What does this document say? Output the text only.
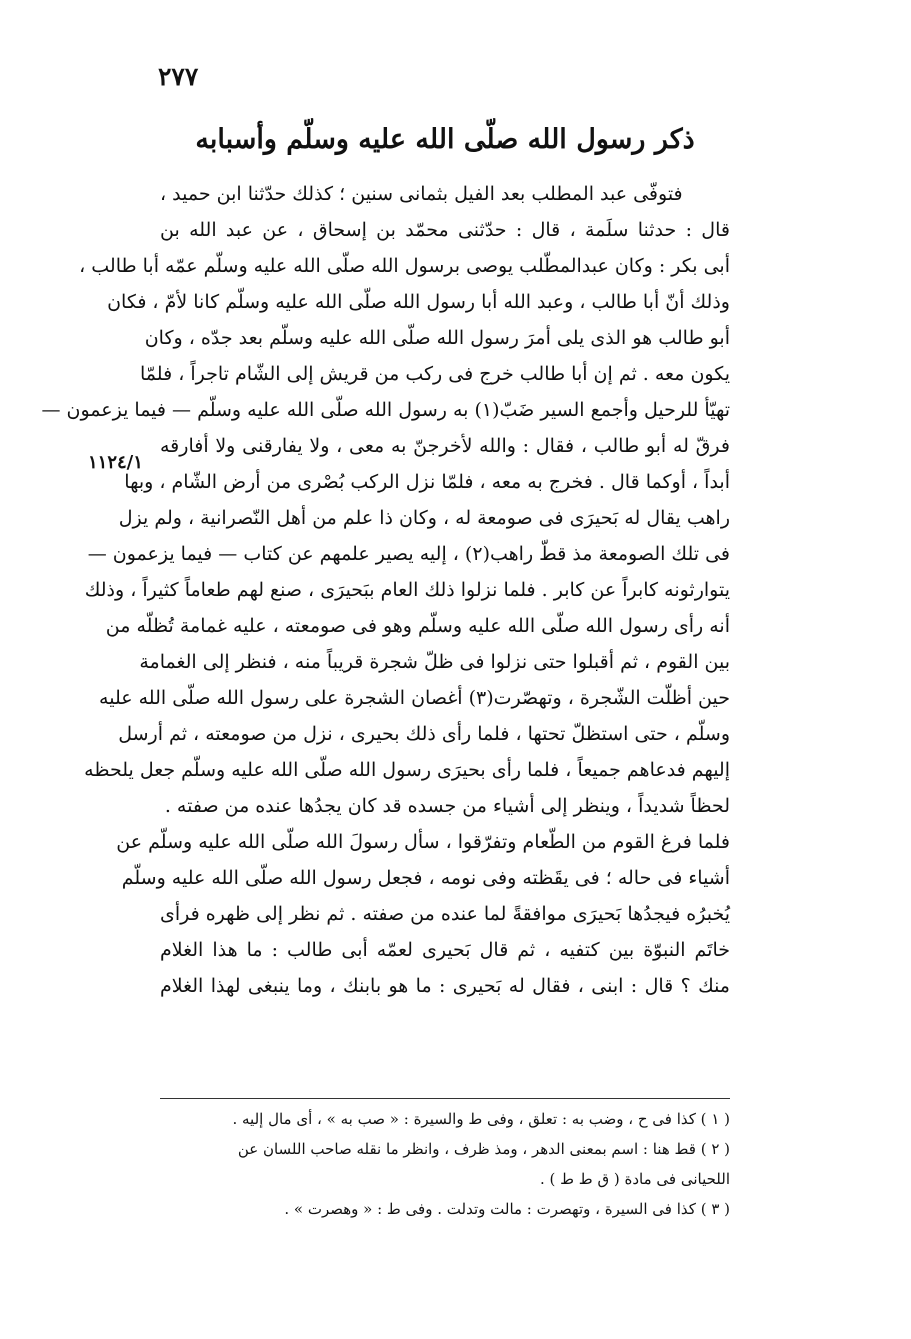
٢٧٧
ذكر رسول الله صلّى الله عليه وسلّم وأسبابه
١١٢٤/١
فتوفّى عبد المطلب بعد الفيل بثمانى سنين ؛ كذلك حدّثنا ابن حميد ،
قال : حدثنا سلَمة ، قال : حدّثنى محمّد بن إسحاق ، عن عبد الله بن
أبى بكر : وكان عبدالمطّلب يوصى برسول الله صلّى الله عليه وسلّم عمّه أبا طالب ،
وذلك أنّ أبا طالب ، وعبد الله أبا رسول الله صلّى الله عليه وسلّم كانا لأمّ ، فكان
أبو طالب هو الذى يلى أمرَ رسول الله صلّى الله عليه وسلّم بعد جدّه ، وكان
يكون معه . ثم إن أبا طالب خرج فى ركب من قريش إلى الشّام تاجراً ، فلمّا
تهيّأ للرحيل وأجمع السير ضَبّ(١) به رسول الله صلّى الله عليه وسلّم — فيما يزعمون —
فرقّ له أبو طالب ، فقال : والله لأخرجنّ به معى ، ولا يفارقنى ولا أفارقه
أبداً ، أوكما قال . فخرج به معه ، فلمّا نزل الركب بُصْرى من أرض الشّام ، وبها
راهب يقال له بَحيرَى فى صومعة له ، وكان ذا علم من أهل النّصرانية ، ولم يزل
فى تلك الصومعة مذ قطّ راهب(٢) ، إليه يصير علمهم عن كتاب — فيما يزعمون —
يتوارثونه كابراً عن كابر . فلما نزلوا ذلك العام ببَحيرَى ، صنع لهم طعاماً كثيراً ، وذلك
أنه رأى رسول الله صلّى الله عليه وسلّم وهو فى صومعته ، عليه غمامة تُظلّه من
بين القوم ، ثم أقبلوا حتى نزلوا فى ظلّ شجرة قريباً منه ، فنظر إلى الغمامة
حين أظلّت الشّجرة ، وتهصّرت(٣) أغصان الشجرة على رسول الله صلّى الله عليه
وسلّم ، حتى استظلّ تحتها ، فلما رأى ذلك بحيرى ، نزل من صومعته ، ثم أرسل
إليهم فدعاهم جميعاً ، فلما رأى بحيرَى رسول الله صلّى الله عليه وسلّم جعل يلحظه
لحظاً شديداً ، وينظر إلى أشياء من جسده قد كان يجدُها عنده من صفته .
فلما فرغ القوم من الطّعام وتفرّقوا ، سأل رسولَ الله صلّى الله عليه وسلّم عن
أشياء فى حاله ؛ فى يقَظته وفى نومه ، فجعل رسول الله صلّى الله عليه وسلّم
يُخبرُه فيجدُها بَحيرَى موافقةً لما عنده من صفته . ثم نظر إلى ظهره فرأى
خاتَم النبوّة بين كتفيه ، ثم قال بَحيرى لعمّه أبى طالب : ما هذا الغلام
منك ؟ قال : ابنى ، فقال له بَحيرى : ما هو بابنك ، وما ينبغى لهذا الغلام
( ١ ) كذا فى ح ، وضب به : تعلق ، وفى ط والسيرة : « صب به » ، أى مال إليه .
( ٢ ) قط هنا : اسم بمعنى الدهر ، ومذ ظرف ، وانظر ما نقله صاحب اللسان عن
اللحيانى فى مادة ( ق ط ط ) .
( ٣ ) كذا فى السيرة ، وتهصرت : مالت وتدلت . وفى ط : « وهصرت » .
